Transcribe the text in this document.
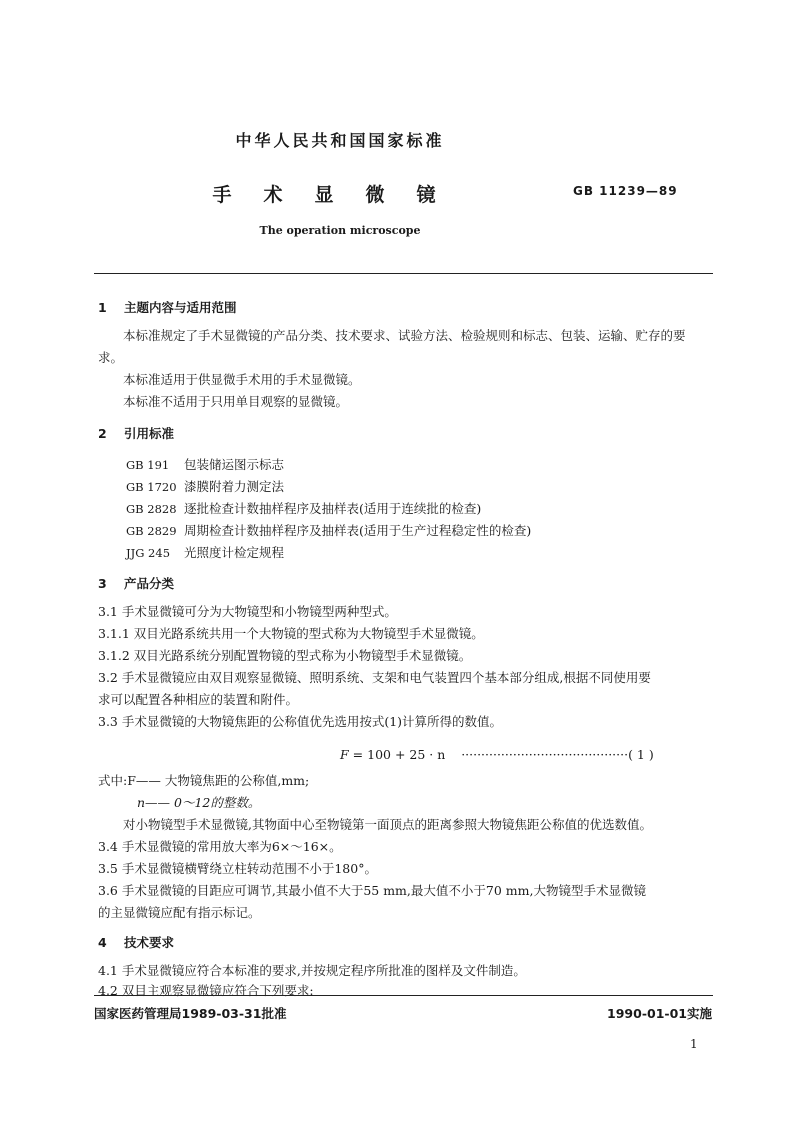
中华人民共和国国家标准
手术显微镜	GB 11239—89
The operation microscope
1 主题内容与适用范围
本标准规定了手术显微镜的产品分类、技术要求、试验方法、检验规则和标志、包装、运输、贮存的要
求。
本标准适用于供显微手术用的手术显微镜。
本标准不适用于只用单目观察的显微镜。
2 引用标准
GB 191 包装储运图示标志
GB 1720 漆膜附着力测定法
GB 2828 逐批检查计数抽样程序及抽样表(适用于连续批的检查)
GB 2829 周期检查计数抽样程序及抽样表(适用于生产过程稳定性的检查)
JJG 245 光照度计检定规程
3 产品分类
3.1 手术显微镜可分为大物镜型和小物镜型两种型式。
3.1.1 双目光路系统共用一个大物镜的型式称为大物镜型手术显微镜。
3.1.2 双目光路系统分别配置物镜的型式称为小物镜型手术显微镜。
3.2 手术显微镜应由双目观察显微镜、照明系统、支架和电气装置四个基本部分组成,根据不同使用要
求可以配置各种相应的装置和附件。
3.3 手术显微镜的大物镜焦距的公称值优先选用按式(1)计算所得的数值。
F = 100 + 25 · n ··········································( 1 )
式中:F—— 大物镜焦距的公称值,mm;
n—— 0～12的整数。
对小物镜型手术显微镜,其物面中心至物镜第一面顶点的距离参照大物镜焦距公称值的优选数值。
3.4 手术显微镜的常用放大率为6×～16×。
3.5 手术显微镜横臂绕立柱转动范围不小于180°。
3.6 手术显微镜的目距应可调节,其最小值不大于55 mm,最大值不小于70 mm,大物镜型手术显微镜
的主显微镜应配有指示标记。
4 技术要求
4.1 手术显微镜应符合本标准的要求,并按规定程序所批准的图样及文件制造。
4.2 双目主观察显微镜应符合下列要求:
国家医药管理局1989-03-31批准	1990-01-01实施
1
